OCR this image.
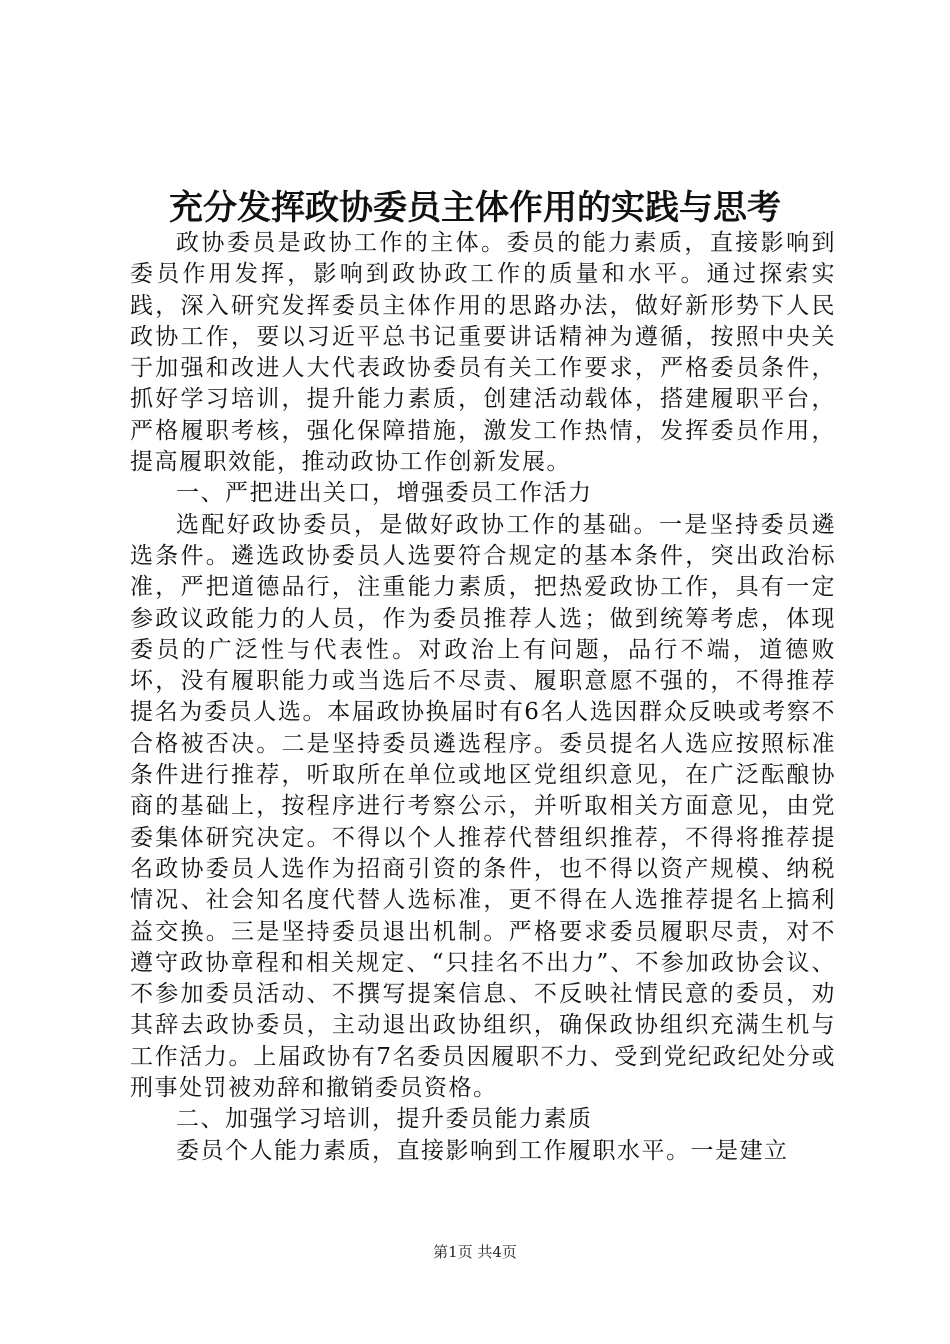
充分发挥政协委员主体作用的实践与思考

政协委员是政协工作的主体。委员的能力素质，直接影响到委员作用发挥，影响到政协政工作的质量和水平。通过探索实践，深入研究发挥委员主体作用的思路办法，做好新形势下人民政协工作，要以习近平总书记重要讲话精神为遵循，按照中央关于加强和改进人大代表政协委员有关工作要求，严格委员条件，抓好学习培训，提升能力素质，创建活动载体，搭建履职平台，严格履职考核，强化保障措施，激发工作热情，发挥委员作用，提高履职效能，推动政协工作创新发展。

一、严把进出关口，增强委员工作活力

选配好政协委员，是做好政协工作的基础。一是坚持委员遴选条件。遴选政协委员人选要符合规定的基本条件，突出政治标准，严把道德品行，注重能力素质，把热爱政协工作，具有一定参政议政能力的人员，作为委员推荐人选；做到统筹考虑，体现委员的广泛性与代表性。对政治上有问题，品行不端，道德败坏，没有履职能力或当选后不尽责、履职意愿不强的，不得推荐提名为委员人选。本届政协换届时有6名人选因群众反映或考察不合格被否决。二是坚持委员遴选程序。委员提名人选应按照标准条件进行推荐，听取所在单位或地区党组织意见，在广泛酝酿协商的基础上，按程序进行考察公示，并听取相关方面意见，由党委集体研究决定。不得以个人推荐代替组织推荐，不得将推荐提名政协委员人选作为招商引资的条件，也不得以资产规模、纳税情况、社会知名度代替人选标准，更不得在人选推荐提名上搞利益交换。三是坚持委员退出机制。严格要求委员履职尽责，对不遵守政协章程和相关规定、“只挂名不出力”、不参加政协会议、不参加委员活动、不撰写提案信息、不反映社情民意的委员，劝其辞去政协委员，主动退出政协组织，确保政协组织充满生机与工作活力。上届政协有7名委员因履职不力、受到党纪政纪处分或刑事处罚被劝辞和撤销委员资格。

二、加强学习培训，提升委员能力素质

委员个人能力素质，直接影响到工作履职水平。一是建立

第1页 共4页
